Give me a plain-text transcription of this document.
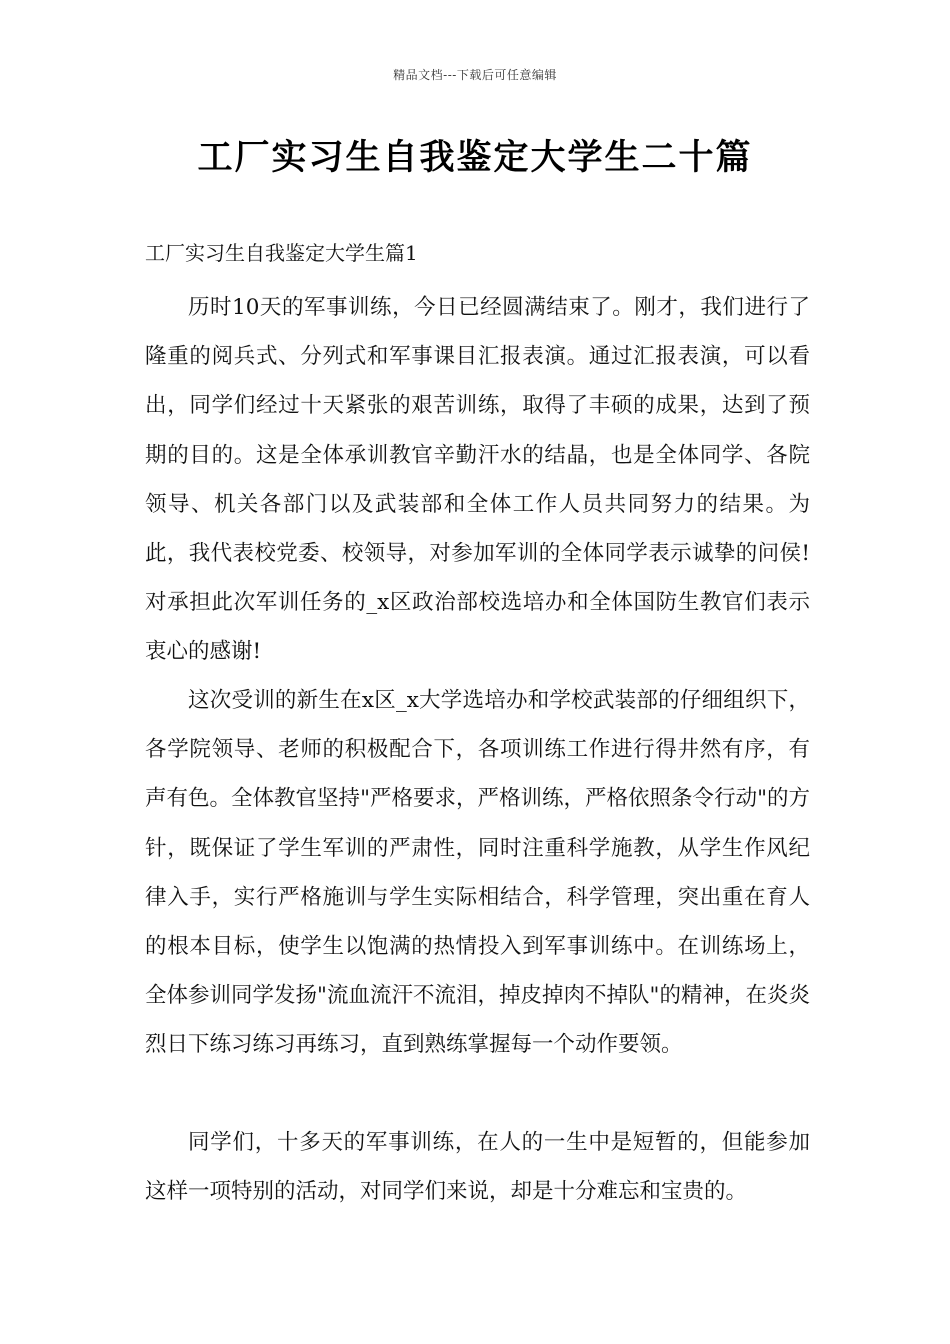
精品文档---下载后可任意编辑
工厂实习生自我鉴定大学生二十篇
工厂实习生自我鉴定大学生篇1

历时10天的军事训练，今日已经圆满结束了。刚才，我们进行了隆重的阅兵式、分列式和军事课目汇报表演。通过汇报表演，可以看出，同学们经过十天紧张的艰苦训练，取得了丰硕的成果，达到了预期的目的。这是全体承训教官辛勤汗水的结晶，也是全体同学、各院领导、机关各部门以及武装部和全体工作人员共同努力的结果。为此，我代表校党委、校领导，对参加军训的全体同学表示诚挚的问侯!对承担此次军训任务的_x区政治部校选培办和全体国防生教官们表示衷心的感谢!

这次受训的新生在x区_x大学选培办和学校武装部的仔细组织下，各学院领导、老师的积极配合下，各项训练工作进行得井然有序，有声有色。全体教官坚持"严格要求，严格训练，严格依照条令行动"的方针，既保证了学生军训的严肃性，同时注重科学施教，从学生作风纪律入手，实行严格施训与学生实际相结合，科学管理，突出重在育人的根本目标，使学生以饱满的热情投入到军事训练中。在训练场上，全体参训同学发扬"流血流汗不流泪，掉皮掉肉不掉队"的精神，在炎炎烈日下练习练习再练习，直到熟练掌握每一个动作要领。

同学们，十多天的军事训练，在人的一生中是短暂的，但能参加这样一项特别的活动，对同学们来说，却是十分难忘和宝贵的。
